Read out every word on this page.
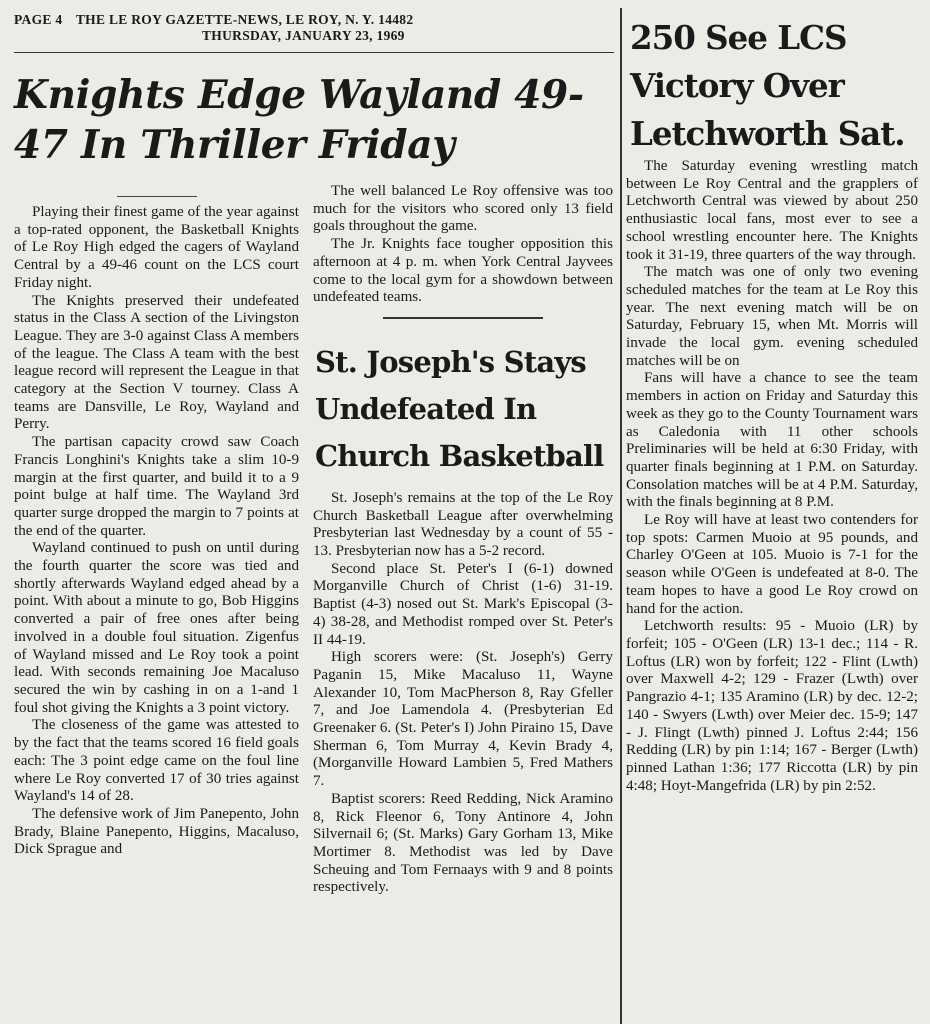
PAGE 4 THE LE ROY GAZETTE-NEWS, LE ROY, N. Y. 14482
THURSDAY, JANUARY 23, 1969
Knights Edge Wayland 49-
47 In Thriller Friday

Playing their finest game of the year against a top-rated opponent, the Basketball Knights of Le Roy High edged the cagers of Wayland Central by a 49-46 count on the LCS court Friday night.

The Knights preserved their undefeated status in the Class A section of the Livingston League. They are 3-0 against Class A members of the league. The Class A team with the best league record will represent the League in that category at the Section V tourney. Class A teams are Dansville, Le Roy, Wayland and Perry.

The partisan capacity crowd saw Coach Francis Longhini's Knights take a slim 10-9 margin at the first quarter, and build it to a 9 point bulge at half time. The Wayland 3rd quarter surge dropped the margin to 7 points at the end of the quarter.

Wayland continued to push on until during the fourth quarter the score was tied and shortly afterwards Wayland edged ahead by a point. With about a minute to go, Bob Higgins converted a pair of free ones after being involved in a double foul situation. Zigenfus of Wayland missed and Le Roy took a point lead. With seconds remaining Joe Macaluso secured the win by cashing in on a 1-and 1 foul shot giving the Knights a 3 point victory.

The closeness of the game was attested to by the fact that the teams scored 16 field goals each: The 3 point edge came on the foul line where Le Roy converted 17 of 30 tries against Wayland's 14 of 28.

The defensive work of Jim Panepento, John Brady, Blaine Panepento, Higgins, Macaluso, Dick Sprague and

The well balanced Le Roy offensive was too much for the visitors who scored only 13 field goals throughout the game.

The Jr. Knights face tougher opposition this afternoon at 4 p. m. when York Central Jayvees come to the local gym for a showdown between undefeated teams.

St. Joseph's Stays
Undefeated In
Church Basketball

St. Joseph's remains at the top of the Le Roy Church Basketball League after overwhelming Presbyterian last Wednesday by a count of 55 - 13. Presbyterian now has a 5-2 record.

Second place St. Peter's I (6-1) downed Morganville Church of Christ (1-6) 31-19. Baptist (4-3) nosed out St. Mark's Episcopal (3-4) 38-28, and Methodist romped over St. Peter's II 44-19.

High scorers were: (St. Joseph's) Gerry Paganin 15, Mike Macaluso 11, Wayne Alexander 10, Tom MacPherson 8, Ray Gfeller 7, and Joe Lamendola 4. (Presbyterian Ed Greenaker 6. (St. Peter's I) John Piraino 15, Dave Sherman 6, Tom Murray 4, Kevin Brady 4, (Morganville Howard Lambien 5, Fred Mathers 7.

Baptist scorers: Reed Redding, Nick Aramino 8, Rick Fleenor 6, Tony Antinore 4, John Silvernail 6; (St. Marks) Gary Gorham 13, Mike Mortimer 8. Methodist was led by Dave Scheuing and Tom Fernaays with 9 and 8 points respectively.

250 See LCS
Victory Over
Letchworth Sat.

The Saturday evening wrestling match between Le Roy Central and the grapplers of Letchworth Central was viewed by about 250 enthusiastic local fans, most ever to see a school wrestling encounter here. The Knights took it 31-19, three quarters of the way through.

The match was one of only two evening scheduled matches for the team at Le Roy this year. The next evening match will be on Saturday, February 15, when Mt. Morris will invade the local gym. evening scheduled matches will be on

Fans will have a chance to see the team members in action on Friday and Saturday this week as they go to the County Tournament wars as Caledonia with 11 other schools Preliminaries will be held at 6:30 Friday, with quarter finals beginning at 1 P.M. on Saturday. Consolation matches will be at 4 P.M. Saturday, with the finals beginning at 8 P.M.

Le Roy will have at least two contenders for top spots: Carmen Muoio at 95 pounds, and Charley O'Geen at 105. Muoio is 7-1 for the season while O'Geen is undefeated at 8-0. The team hopes to have a good Le Roy crowd on hand for the action.

Letchworth results: 95 - Muoio (LR) by forfeit; 105 - O'Geen (LR) 13-1 dec.; 114 - R. Loftus (LR) won by forfeit; 122 - Flint (Lwth) over Maxwell 4-2; 129 - Frazer (Lwth) over Pangrazio 4-1; 135 Aramino (LR) by dec. 12-2; 140 - Swyers (Lwth) over Meier dec. 15-9; 147 - J. Flingt (Lwth) pinned J. Loftus 2:44; 156 Redding (LR) by pin 1:14; 167 - Berger (Lwth) pinned Lathan 1:36; 177 Riccotta (LR) by pin 4:48; Hoyt-Mangefrida (LR) by pin 2:52.
